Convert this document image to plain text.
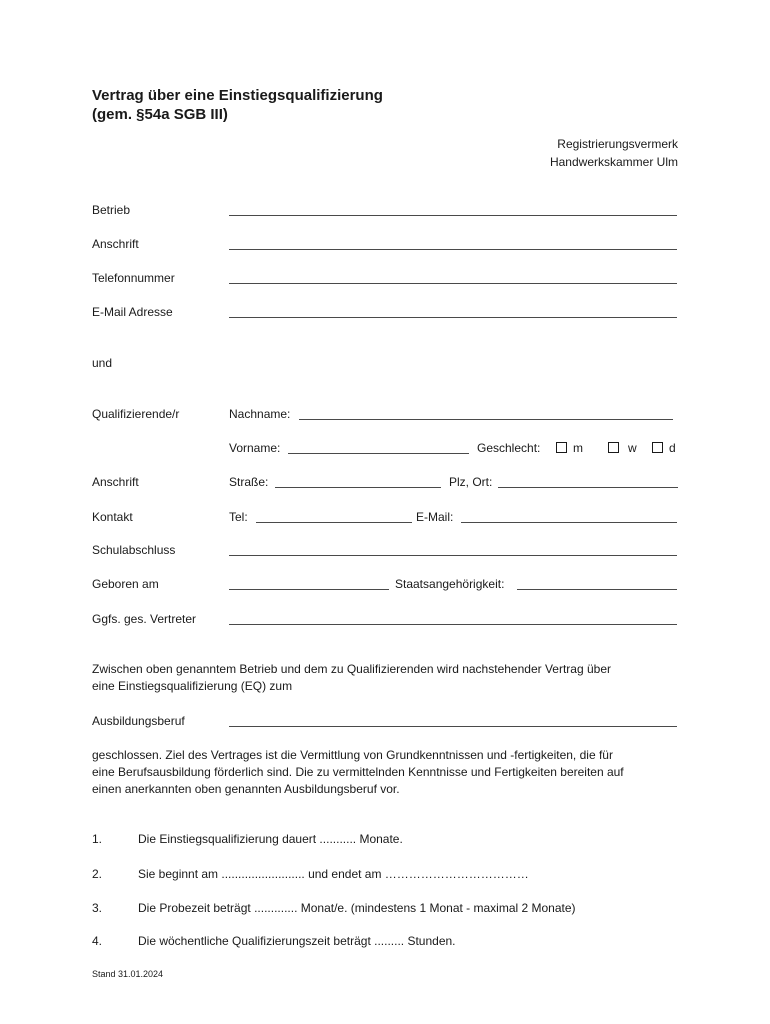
Vertrag über eine Einstiegsqualifizierung
(gem. §54a SGB III)
Registrierungsvermerk
Handwerkskammer Ulm
Betrieb
Anschrift
Telefonnummer
E-Mail Adresse
und
Qualifizierende/r	Nachname:
Vorname:	Geschlecht:	m	w	d
Anschrift	Straße:	Plz, Ort:
Kontakt	Tel:	E-Mail:
Schulabschluss
Geboren am	Staatsangehörigkeit:
Ggfs. ges. Vertreter
Zwischen oben genanntem Betrieb und dem zu Qualifizierenden wird nachstehender Vertrag über
eine Einstiegsqualifizierung (EQ) zum
Ausbildungsberuf
geschlossen. Ziel des Vertrages ist die Vermittlung von Grundkenntnissen und -fertigkeiten, die für
eine Berufsausbildung förderlich sind. Die zu vermittelnden Kenntnisse und Fertigkeiten bereiten auf
einen anerkannten oben genannten Ausbildungsberuf vor.
1.	Die Einstiegsqualifizierung dauert ........... Monate.
2.	Sie beginnt am ......................... und endet am ………………………………
3.	Die Probezeit beträgt ............. Monat/e. (mindestens 1 Monat - maximal 2 Monate)
4.	Die wöchentliche Qualifizierungszeit beträgt ......... Stunden.
Stand 31.01.2024
